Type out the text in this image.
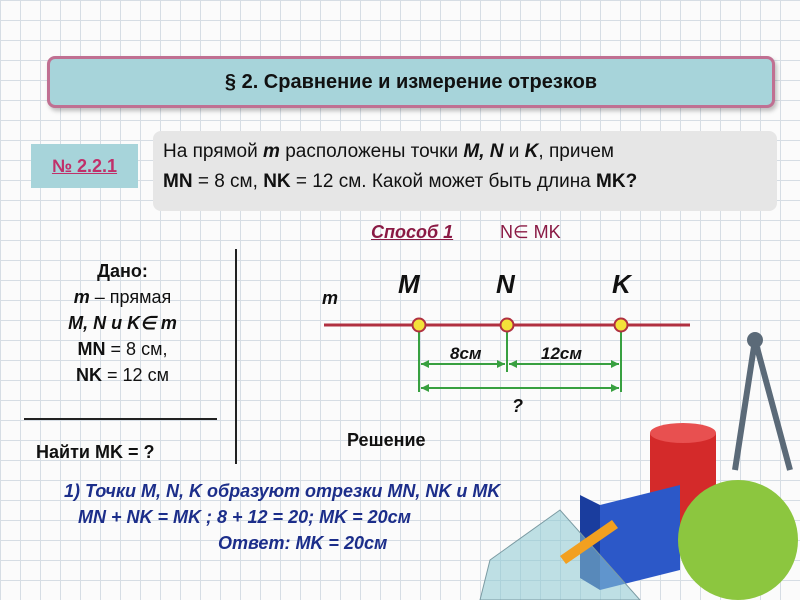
§ 2. Сравнение и измерение отрезков
№ 2.2.1
На прямой m расположены точки M, N и K, причем
MN = 8 см, NK = 12 см. Какой может быть длина MK?
Дано:
m – прямая
M, N и K∈ m
MN = 8 см,
NK = 12 см
Найти MK = ?
Способ 1	N∈ MK
m M	N	K
8см	12см
?
Решение
1) Точки M, N, K образуют отрезки MN, NK и MK
MN + NK = MK ; 8 + 12 = 20; MK = 20см
Ответ: MK = 20см
